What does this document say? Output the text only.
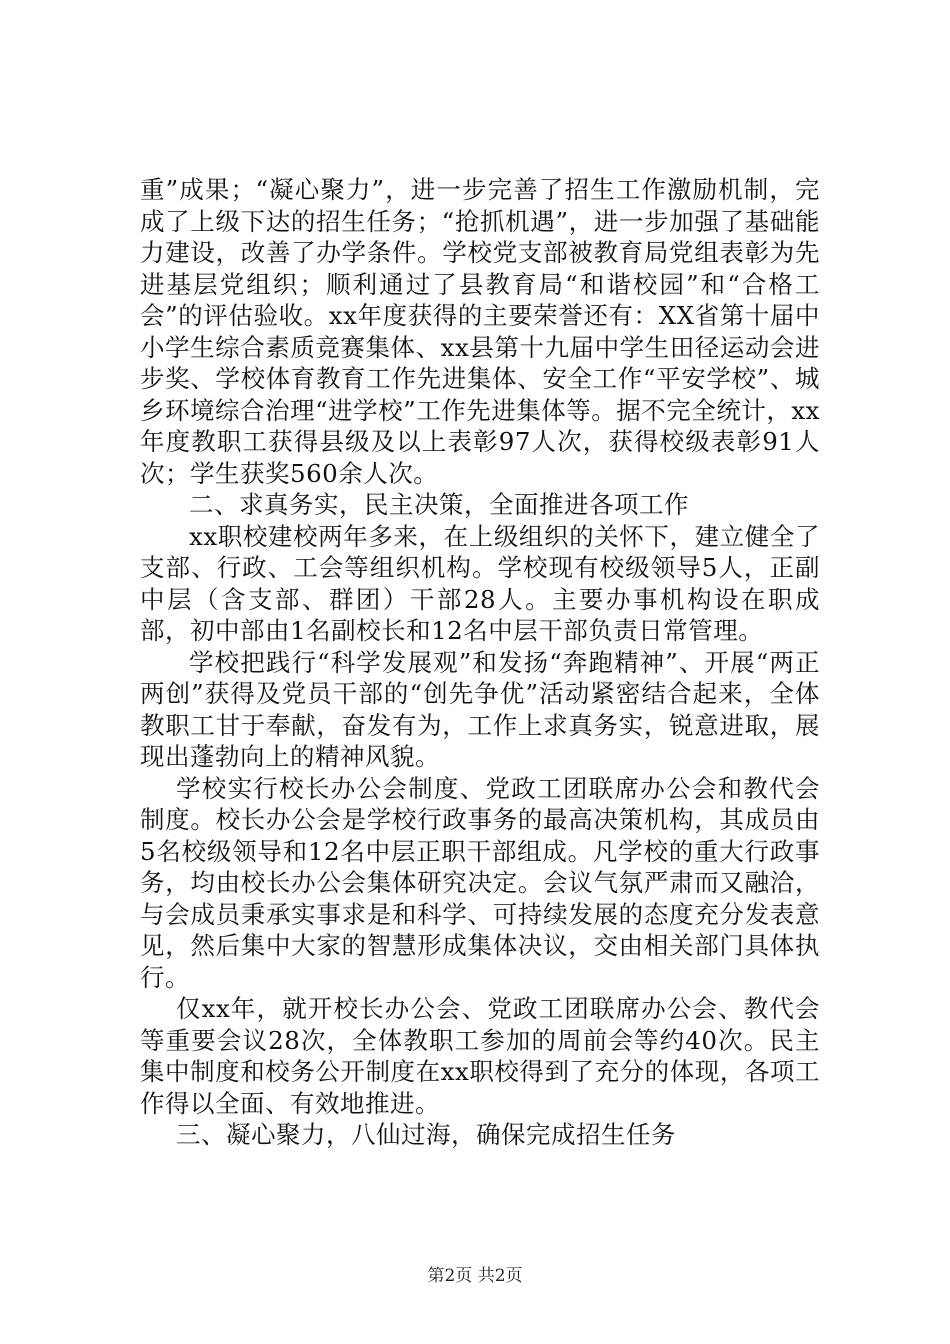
重”成果；“凝心聚力”，进一步完善了招生工作激励机制，完成了上级下达的招生任务；“抢抓机遇”，进一步加强了基础能力建设，改善了办学条件。学校党支部被教育局党组表彰为先进基层党组织；顺利通过了县教育局“和谐校园”和“合格工会”的评估验收。xx年度获得的主要荣誉还有：XX省第十届中小学生综合素质竞赛集体、xx县第十九届中学生田径运动会进步奖、学校体育教育工作先进集体、安全工作“平安学校”、城乡环境综合治理“进学校”工作先进集体等。据不完全统计，xx年度教职工获得县级及以上表彰97人次，获得校级表彰91人次；学生获奖560余人次。

二、求真务实，民主决策，全面推进各项工作

xx职校建校两年多来，在上级组织的关怀下，建立健全了支部、行政、工会等组织机构。学校现有校级领导5人，正副中层（含支部、群团）干部28人。主要办事机构设在职成部，初中部由1名副校长和12名中层干部负责日常管理。

学校把践行“科学发展观”和发扬“奔跑精神”、开展“两正两创”获得及党员干部的“创先争优”活动紧密结合起来，全体教职工甘于奉献，奋发有为，工作上求真务实，锐意进取，展现出蓬勃向上的精神风貌。

学校实行校长办公会制度、党政工团联席办公会和教代会制度。校长办公会是学校行政事务的最高决策机构，其成员由5名校级领导和12名中层正职干部组成。凡学校的重大行政事务，均由校长办公会集体研究决定。会议气氛严肃而又融洽，与会成员秉承实事求是和科学、可持续发展的态度充分发表意见，然后集中大家的智慧形成集体决议，交由相关部门具体执行。

仅xx年，就开校长办公会、党政工团联席办公会、教代会等重要会议28次，全体教职工参加的周前会等约40次。民主集中制度和校务公开制度在xx职校得到了充分的体现，各项工作得以全面、有效地推进。

三、凝心聚力，八仙过海，确保完成招生任务

第2页 共2页
